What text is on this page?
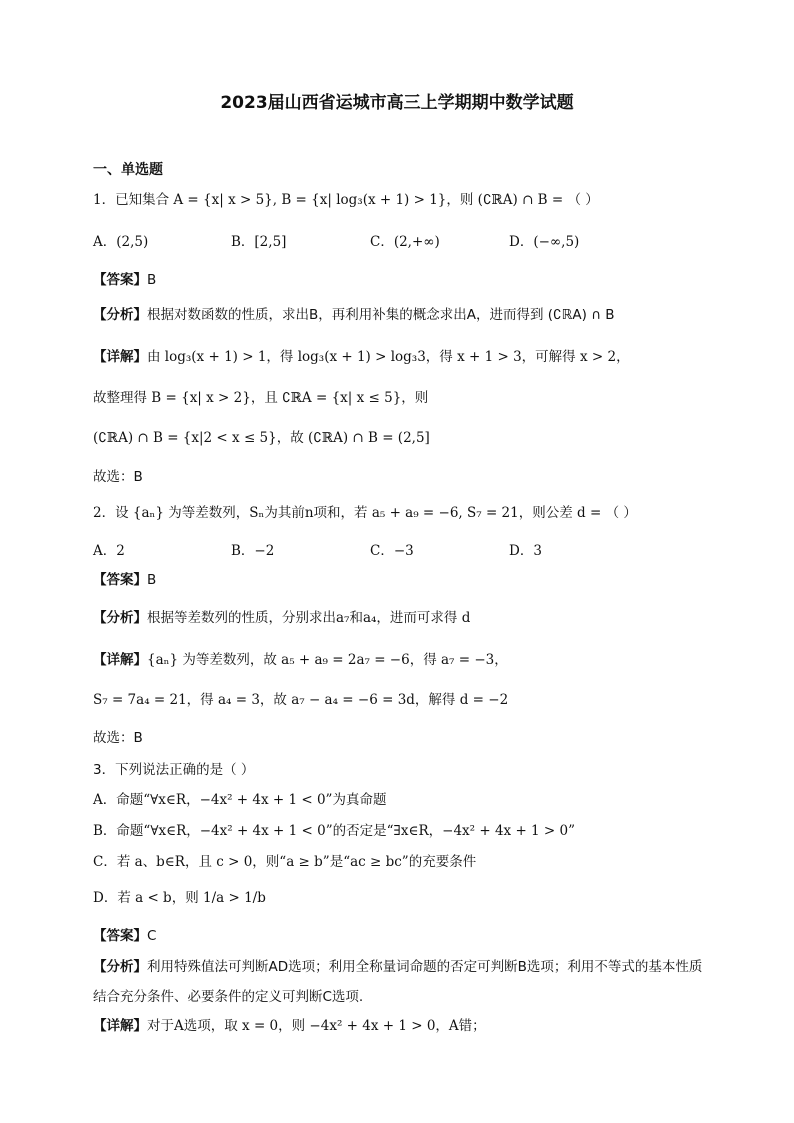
2023届山西省运城市高三上学期期中数学试题
一、单选题
1．已知集合 A = {x| x > 5}, B = {x| log₃(x + 1) > 1}，则 (∁ℝA) ∩ B = （ ）
A．(2,5)	B．[2,5]	C．(2,+∞)	D．(−∞,5)
【答案】B
【分析】根据对数函数的性质，求出B，再利用补集的概念求出A，进而得到 (∁ℝA) ∩ B
【详解】由 log₃(x + 1) > 1，得 log₃(x + 1) > log₃3，得 x + 1 > 3，可解得 x > 2，
故整理得 B = {x| x > 2}，且 ∁ℝA = {x| x ≤ 5}，则
(∁ℝA) ∩ B = {x|2 < x ≤ 5}，故 (∁ℝA) ∩ B = (2,5]
故选：B
2．设 {aₙ} 为等差数列，Sₙ为其前n项和，若 a₅ + a₉ = −6, S₇ = 21，则公差 d = （ ）
A．2	B．−2	C．−3	D．3
【答案】B
【分析】根据等差数列的性质，分别求出a₇和a₄，进而可求得 d
【详解】{aₙ} 为等差数列，故 a₅ + a₉ = 2a₇ = −6，得 a₇ = −3，
S₇ = 7a₄ = 21，得 a₄ = 3，故 a₇ − a₄ = −6 = 3d，解得 d = −2
故选：B
3．下列说法正确的是（ ）
A．命题“∀x∈R，−4x² + 4x + 1 < 0”为真命题
B．命题“∀x∈R，−4x² + 4x + 1 < 0”的否定是“∃x∈R，−4x² + 4x + 1 > 0”
C．若 a、b∈R，且 c > 0，则“a ≥ b”是“ac ≥ bc”的充要条件
D．若 a < b，则 1/a > 1/b
【答案】C
【分析】利用特殊值法可判断AD选项；利用全称量词命题的否定可判断B选项；利用不等式的基本性质结合充分条件、必要条件的定义可判断C选项.
【详解】对于A选项，取 x = 0，则 −4x² + 4x + 1 > 0，A错；
